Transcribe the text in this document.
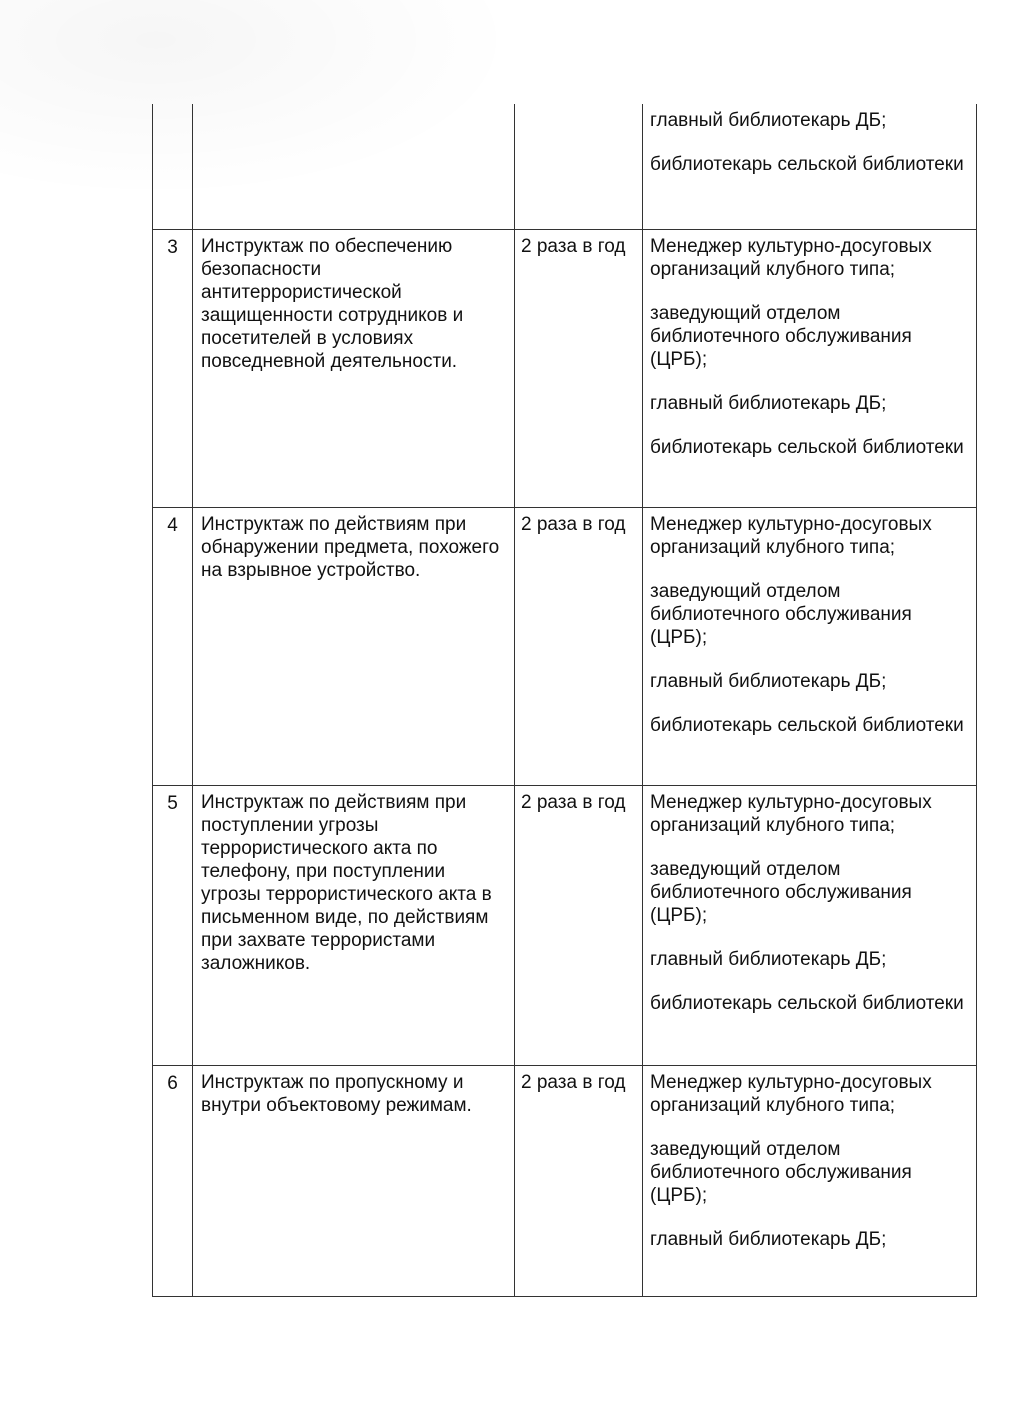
			главный библиотекарь ДБ;
библиотекарь сельской библиотеки

3	Инструктаж по обеспечению безопасности антитеррористической защищенности сотрудников и посетителей в условиях повседневной деятельности.	2 раза в год	Менеджер культурно-досуговых организаций клубного типа;
заведующий отделом библиотечного обслуживания (ЦРБ);
главный библиотекарь ДБ;
библиотекарь сельской библиотеки

4	Инструктаж по действиям при обнаружении предмета, похожего на взрывное устройство.	2 раза в год	Менеджер культурно-досуговых организаций клубного типа;
заведующий отделом библиотечного обслуживания (ЦРБ);
главный библиотекарь ДБ;
библиотекарь сельской библиотеки

5	Инструктаж по действиям при поступлении угрозы террористического акта по телефону, при поступлении угрозы террористического акта в письменном виде, по действиям при захвате террористами заложников.	2 раза в год	Менеджер культурно-досуговых организаций клубного типа;
заведующий отделом библиотечного обслуживания (ЦРБ);
главный библиотекарь ДБ;
библиотекарь сельской библиотеки

6	Инструктаж по пропускному и внутри объектовому режимам.	2 раза в год	Менеджер культурно-досуговых организаций клубного типа;
заведующий отделом библиотечного обслуживания (ЦРБ);
главный библиотекарь ДБ;
